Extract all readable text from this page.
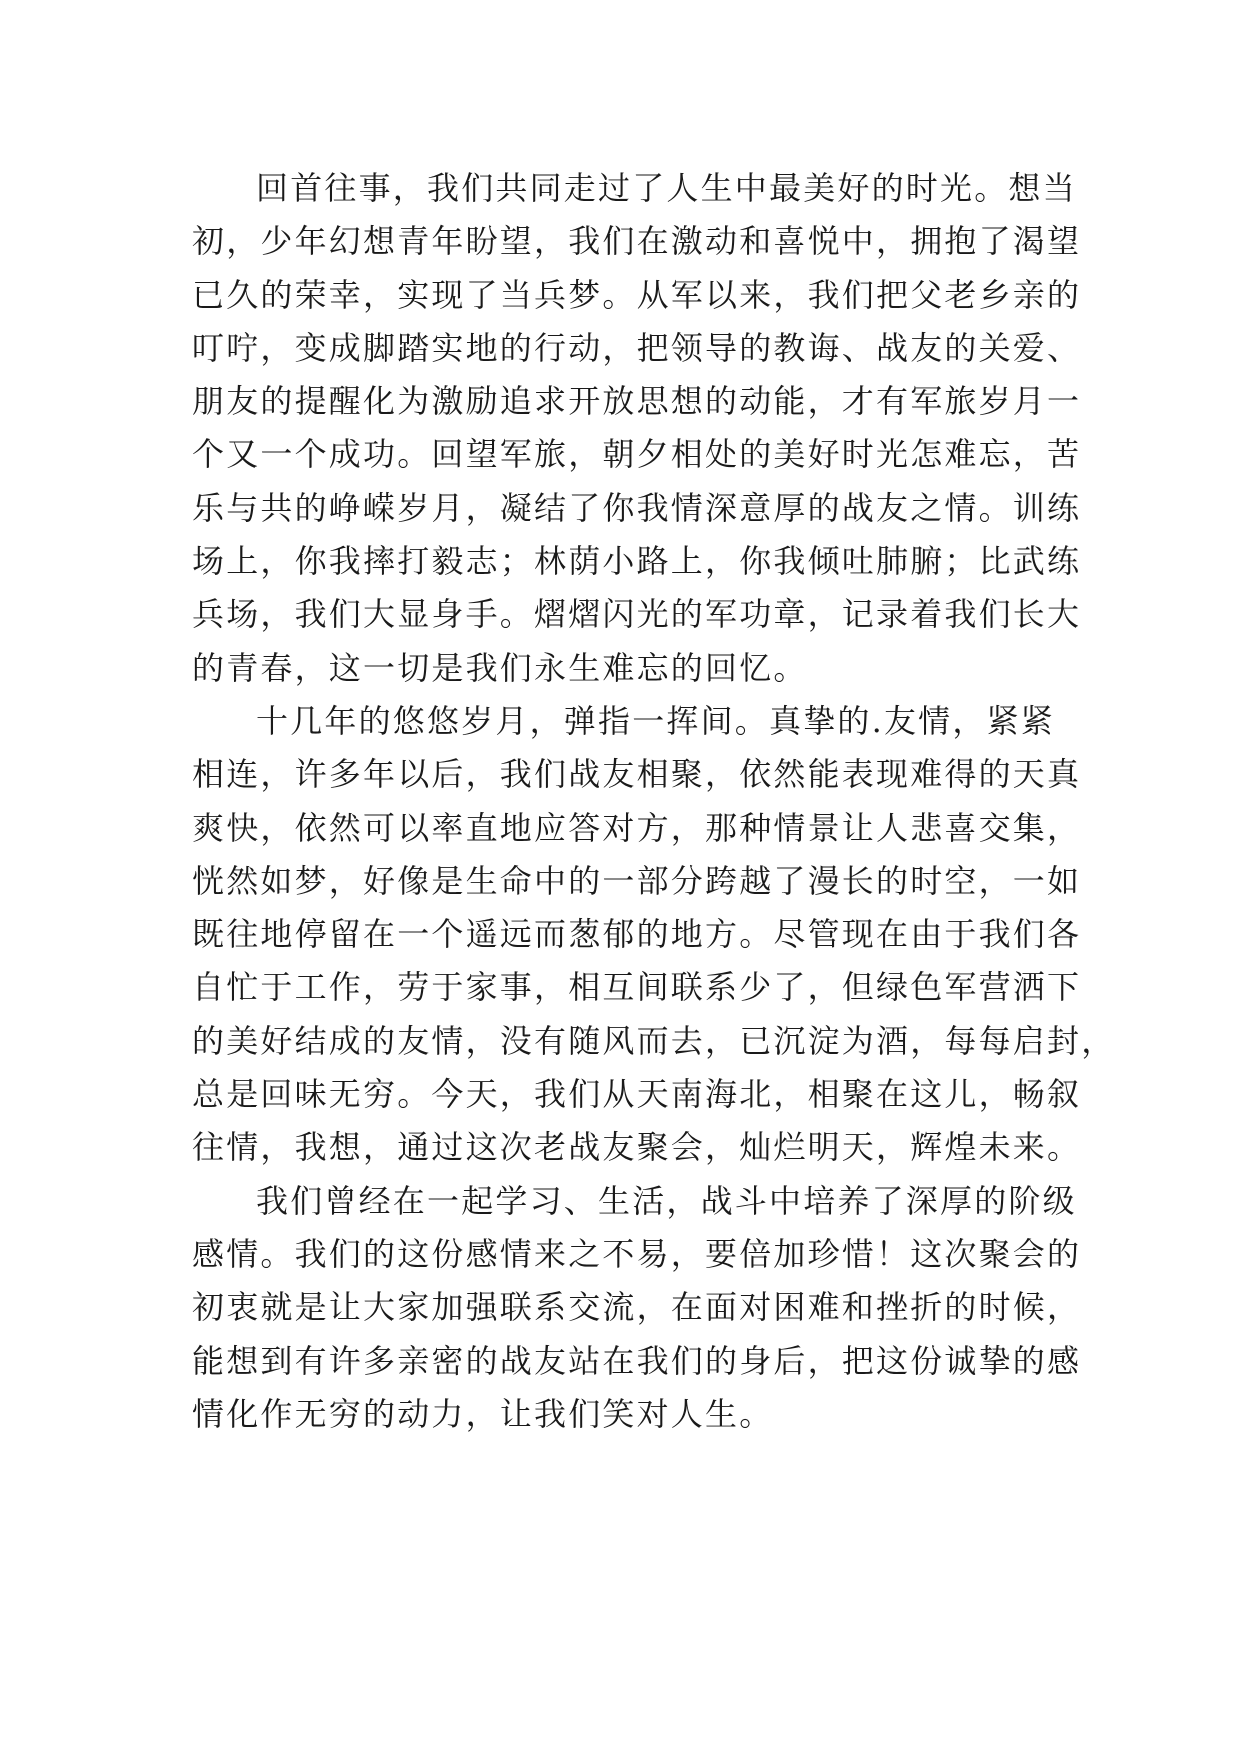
回首往事，我们共同走过了人生中最美好的时光。想当
初，少年幻想青年盼望，我们在激动和喜悦中，拥抱了渴望
已久的荣幸，实现了当兵梦。从军以来，我们把父老乡亲的
叮咛，变成脚踏实地的行动，把领导的教诲、战友的关爱、
朋友的提醒化为激励追求开放思想的动能，才有军旅岁月一
个又一个成功。回望军旅，朝夕相处的美好时光怎难忘，苦
乐与共的峥嵘岁月，凝结了你我情深意厚的战友之情。训练
场上，你我摔打毅志；林荫小路上，你我倾吐肺腑；比武练
兵场，我们大显身手。熠熠闪光的军功章，记录着我们长大
的青春，这一切是我们永生难忘的回忆。
十几年的悠悠岁月，弹指一挥间。真挚的.友情，紧紧
相连，许多年以后，我们战友相聚，依然能表现难得的天真
爽快，依然可以率直地应答对方，那种情景让人悲喜交集，
恍然如梦，好像是生命中的一部分跨越了漫长的时空，一如
既往地停留在一个遥远而葱郁的地方。尽管现在由于我们各
自忙于工作，劳于家事，相互间联系少了，但绿色军营洒下
的美好结成的友情，没有随风而去，已沉淀为酒，每每启封，
总是回味无穷。今天，我们从天南海北，相聚在这儿，畅叙
往情，我想，通过这次老战友聚会，灿烂明天，辉煌未来。
我们曾经在一起学习、生活，战斗中培养了深厚的阶级
感情。我们的这份感情来之不易，要倍加珍惜！这次聚会的
初衷就是让大家加强联系交流，在面对困难和挫折的时候，
能想到有许多亲密的战友站在我们的身后，把这份诚挚的感
情化作无穷的动力，让我们笑对人生。
